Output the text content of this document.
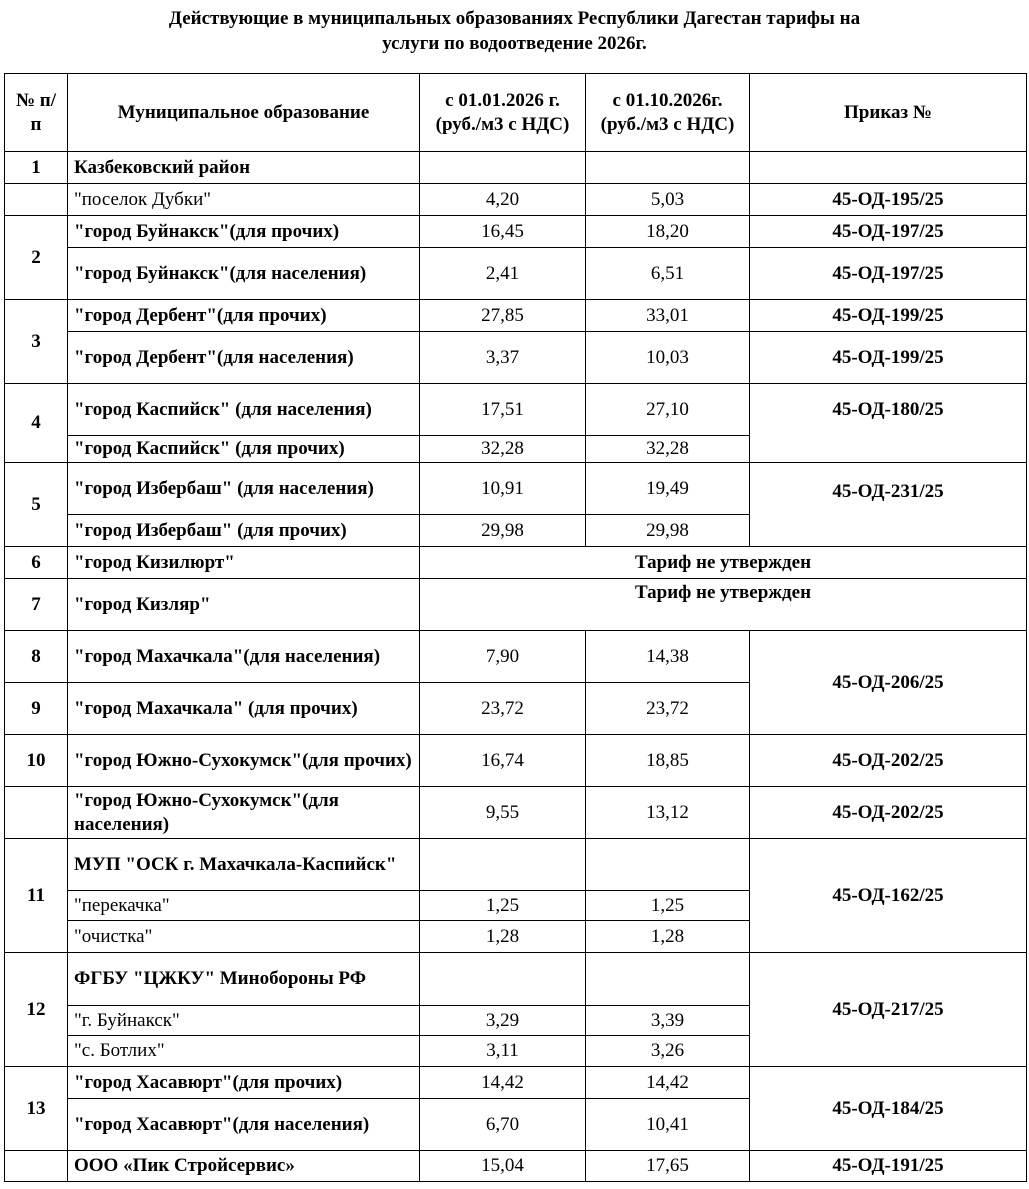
Действующие в муниципальных образованиях Республики Дагестан тарифы на
услуги по водоотведение 2026г.
№ п/п	Муниципальное образование	с 01.01.2026 г. (руб./м3 с НДС)	с 01.10.2026г. (руб./м3 с НДС)	Приказ №
1	Казбековский район			
	"поселок Дубки"	4,20	5,03	45-ОД-195/25
2	"город Буйнакск"(для прочих)	16,45	18,20	45-ОД-197/25
	"город Буйнакск"(для населения)	2,41	6,51	45-ОД-197/25
3	"город Дербент"(для прочих)	27,85	33,01	45-ОД-199/25
	"город Дербент"(для населения)	3,37	10,03	45-ОД-199/25
4	"город Каспийск" (для населения)	17,51	27,10	45-ОД-180/25
	"город Каспийск" (для прочих)	32,28	32,28	
5	"город Избербаш" (для населения)	10,91	19,49	45-ОД-231/25
	"город Избербаш" (для прочих)	29,98	29,98	
6	"город Кизилюрт"	Тариф не утвержден		
7	"город Кизляр"	Тариф не утвержден		
8	"город Махачкала"(для населения)	7,90	14,38	45-ОД-206/25
9	"город Махачкала" (для прочих)	23,72	23,72	
10	"город Южно-Сухокумск"(для прочих)	16,74	18,85	45-ОД-202/25
	"город Южно-Сухокумск"(для населения)	9,55	13,12	45-ОД-202/25
11	МУП "ОСК г. Махачкала-Каспийск"			45-ОД-162/25
	"перекачка"	1,25	1,25	
	"очистка"	1,28	1,28	
12	ФГБУ "ЦЖКУ" Минобороны РФ			45-ОД-217/25
	"г. Буйнакск"	3,29	3,39	
	"с. Ботлих"	3,11	3,26	
13	"город Хасавюрт"(для прочих)	14,42	14,42	45-ОД-184/25
	"город Хасавюрт"(для населения)	6,70	10,41	
	ООО «Пик Стройсервис»	15,04	17,65	45-ОД-191/25
